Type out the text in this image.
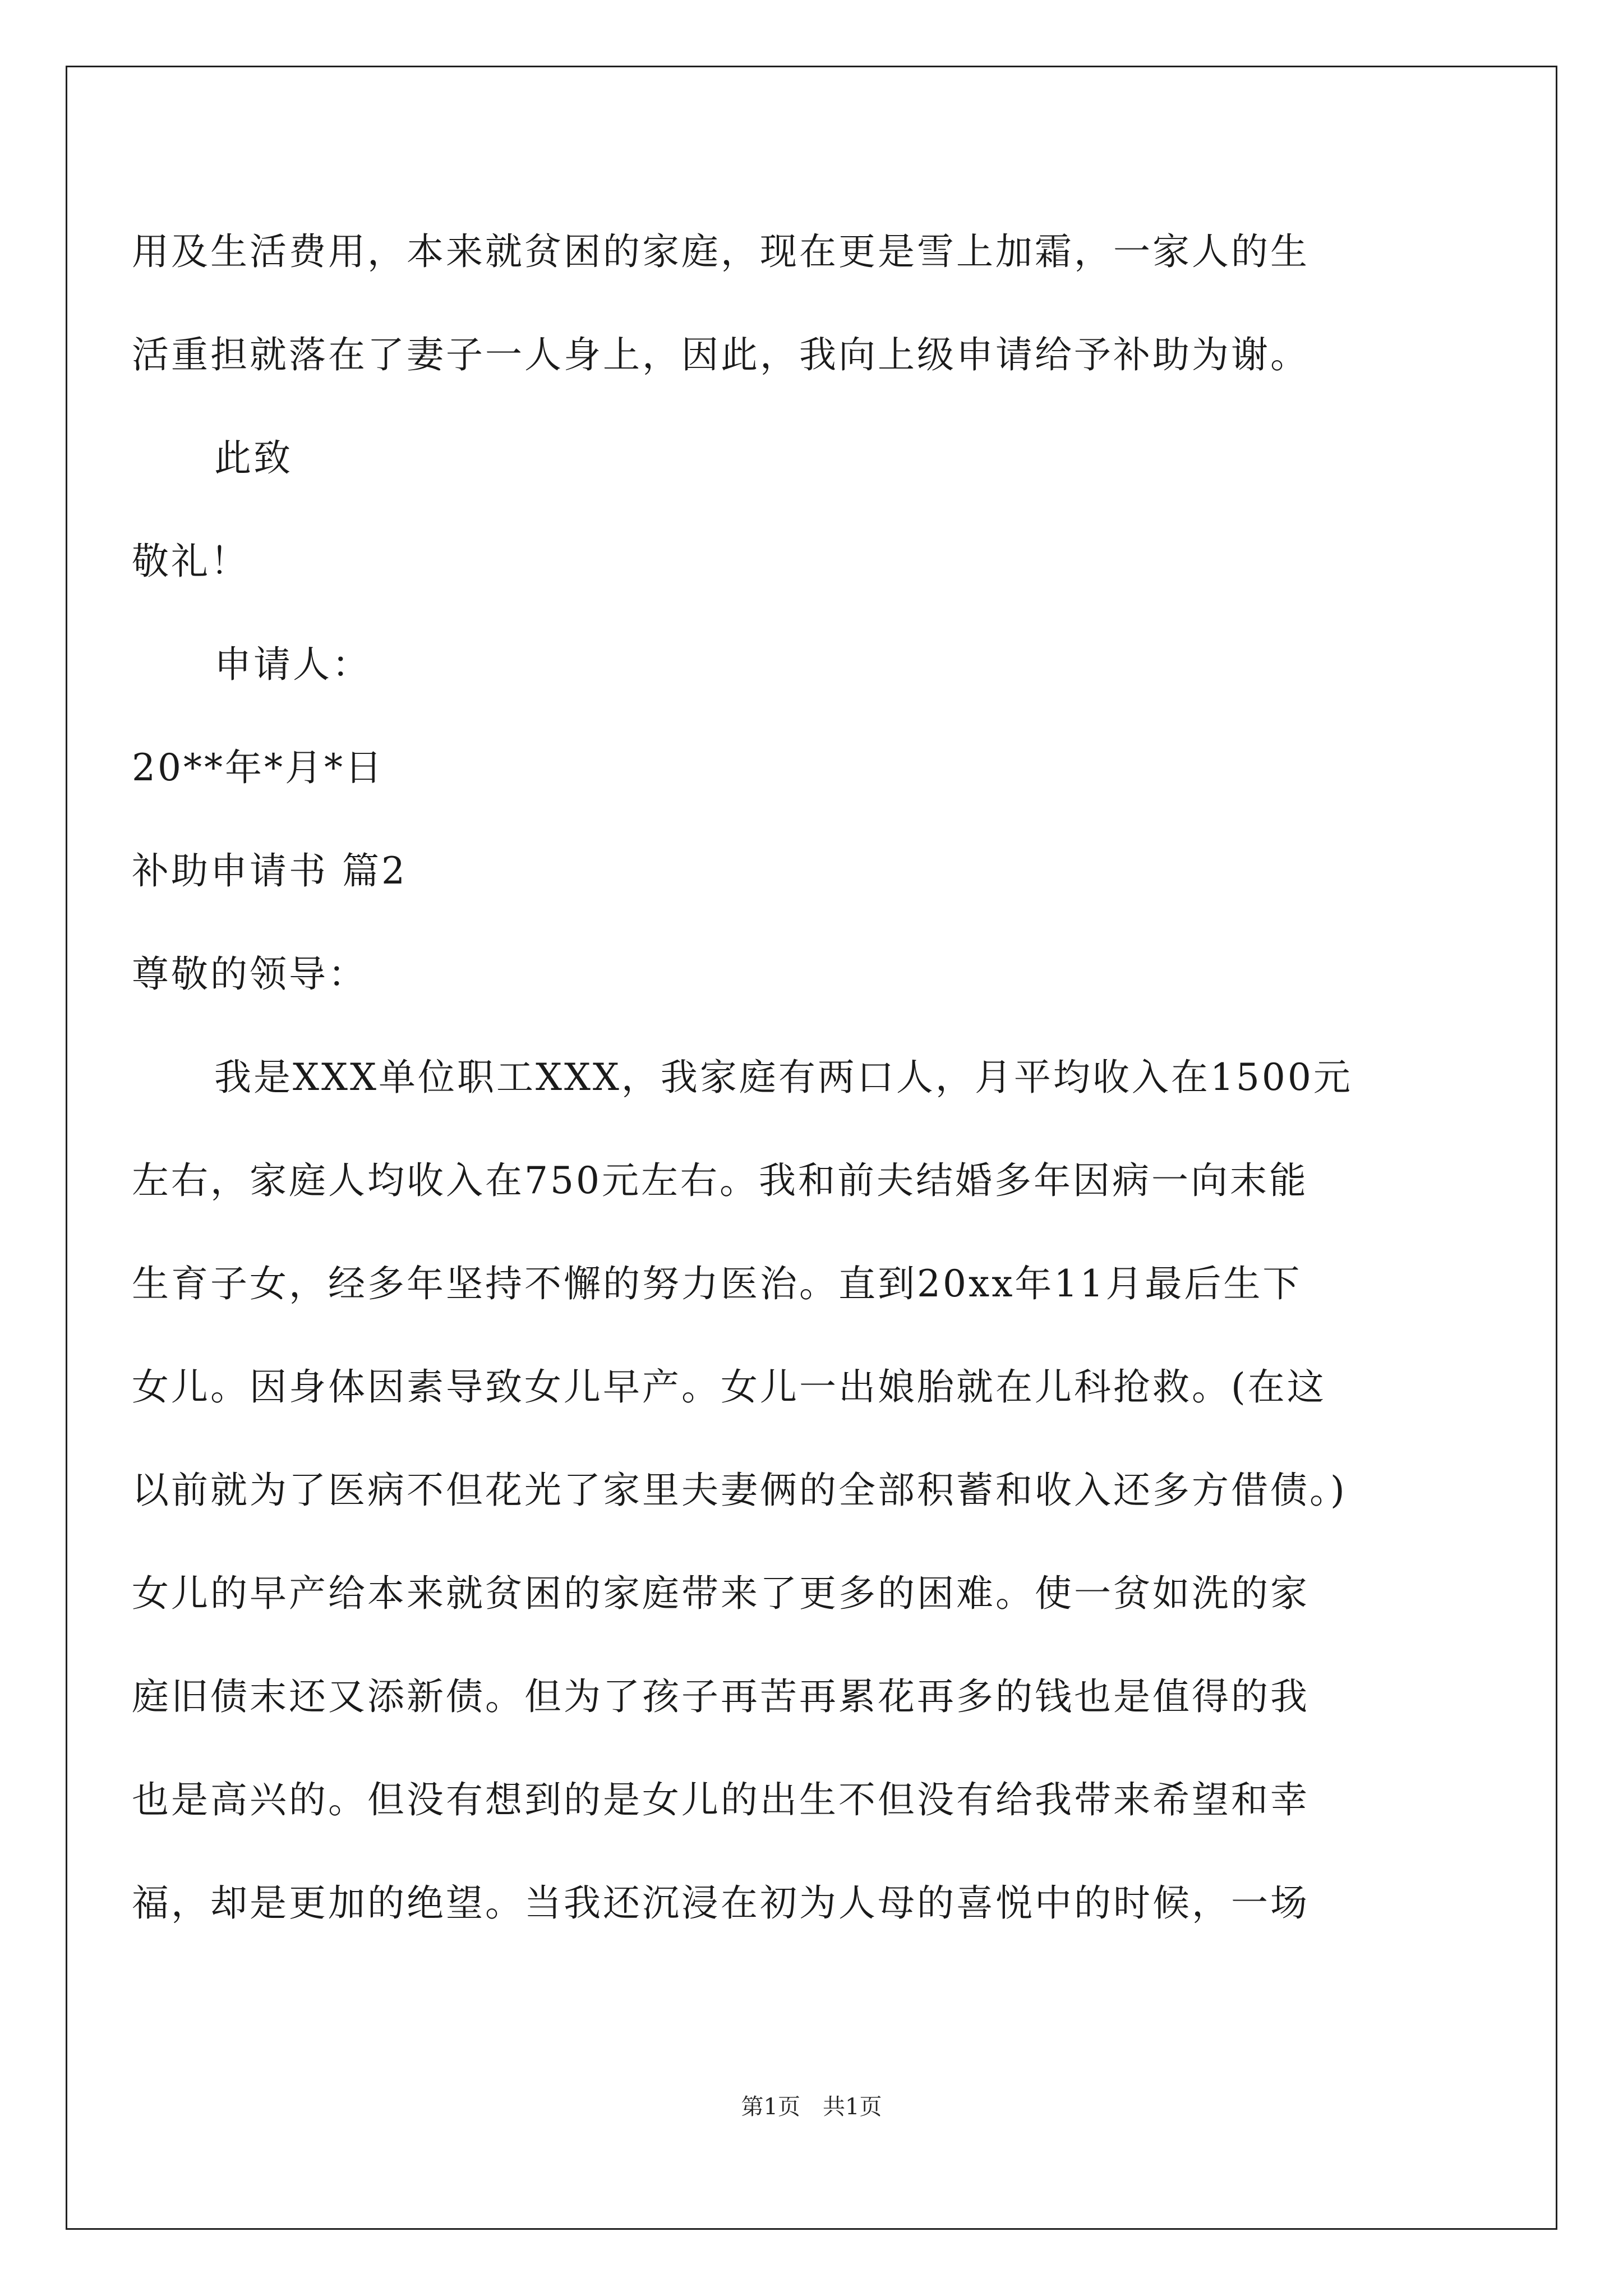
用及生活费用，本来就贫困的家庭，现在更是雪上加霜，一家人的生
活重担就落在了妻子一人身上，因此，我向上级申请给予补助为谢。
此致
敬礼！
申请人：
20**年*月*日
补助申请书 篇2
尊敬的领导：
我是XXX单位职工XXX，我家庭有两口人，月平均收入在1500元
左右，家庭人均收入在750元左右。我和前夫结婚多年因病一向末能
生育子女，经多年坚持不懈的努力医治。直到20xx年11月最后生下
女儿。因身体因素导致女儿早产。女儿一出娘胎就在儿科抢救。(在这
以前就为了医病不但花光了家里夫妻俩的全部积蓄和收入还多方借债。)
女儿的早产给本来就贫困的家庭带来了更多的困难。使一贫如洗的家
庭旧债末还又添新债。但为了孩子再苦再累花再多的钱也是值得的我
也是高兴的。但没有想到的是女儿的出生不但没有给我带来希望和幸
福，却是更加的绝望。当我还沉浸在初为人母的喜悦中的时候，一场
第1页　共1页
